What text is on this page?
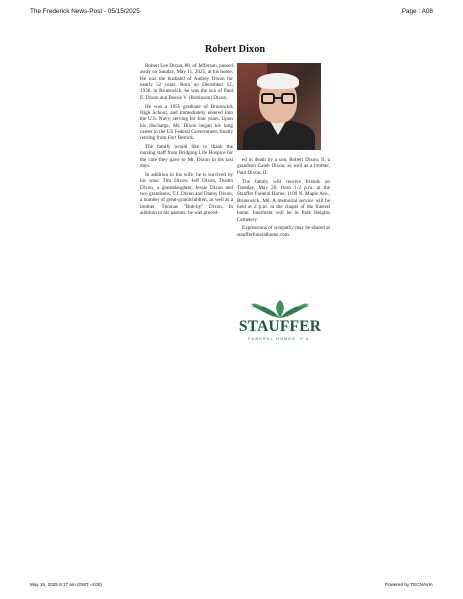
The Frederick News-Post - 05/15/2025	Page : A08
Robert Dixon

Robert Lee Dixon, 88, of Jefferson, passed away on Sunday, May 11, 2025, at his home. He was the husband of Audrey Dixon for nearly 52 years. Born on December 12, 1936, in Brunswick, he was the son of Paul E. Dixon and Bessie V. (Robinson) Dixon.

He was a 1955 graduate of Brunswick High School, and immediately entered into the U.S. Navy, serving for four years. Upon his discharge, Mr. Dixon began his long career in the US Federal Government, finally retiring from Fort Detrick.

The family would like to thank the nursing staff from Bridging Life Hospice for the care they gave to Mr. Dixon in his last days.

In addition to his wife, he is survived by his sons: Tim Dixon, Jeff Dixon, Dustin Dixon, a granddaughter, Jessie Dixon and two grandsons, T.J. Dixon and Danny Dixon, a number of great-grandchildren, as well as a brother, Thomas "Bub-by" Dixon. In addition to his parents, he was preced-

ed in death by a son, Robert Dixon, II, a grandson Caleb Dixon, as well as a brother, Paul Dixon, II.

The family will receive friends on Tuesday, May 20, from 1-2 p.m. at the Stauffer Funeral Home, 1100 N. Maple Ave., Brunswick, Md. A memorial service will be held at 2 p.m. in the chapel of the funeral home. Interment will be in Park Heights Cemetery.

Expressions of sympathy may be shared at staufferfuneralhome.com.

STAUFFER
FUNERAL HOMES, P.A.
May 15, 2025 9:17 am (GMT -4:00)	Powered by TECNAVIA
